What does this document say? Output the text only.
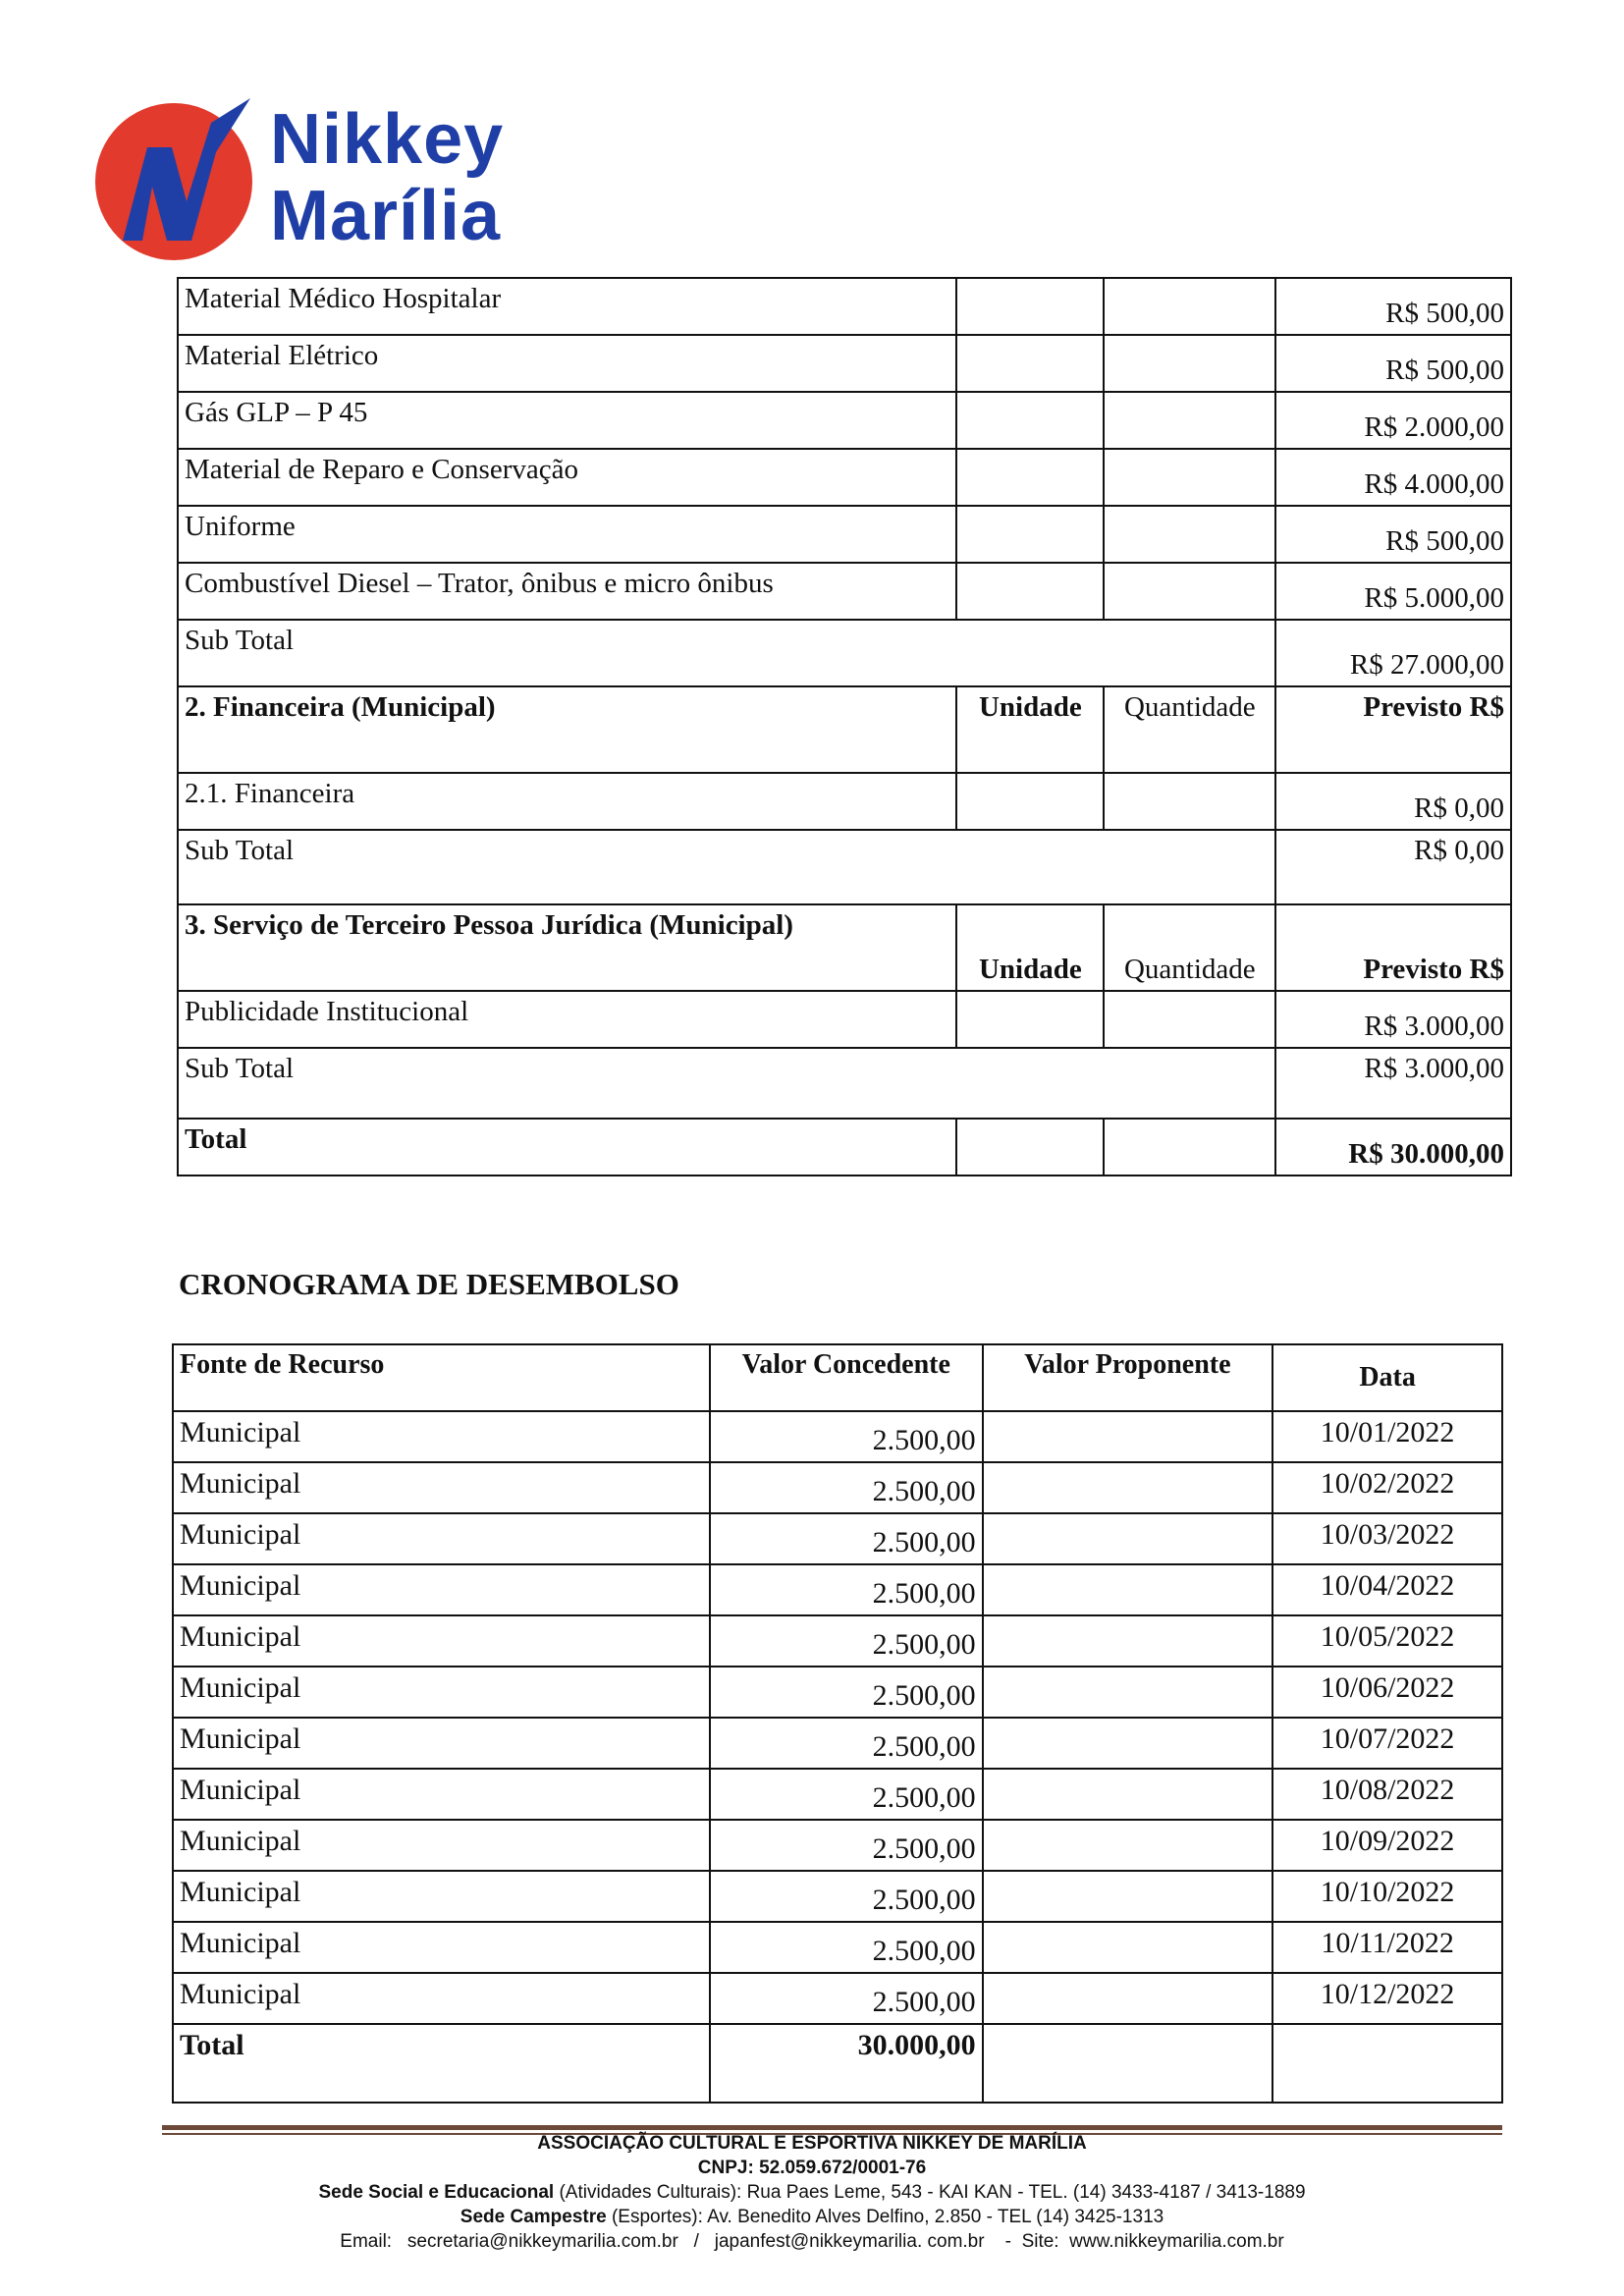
Nikkey
Marília
Material Médico Hospitalar			R$ 500,00
Material Elétrico			R$ 500,00
Gás GLP – P 45			R$ 2.000,00
Material de Reparo e Conservação			R$ 4.000,00
Uniforme			R$ 500,00
Combustível Diesel – Trator, ônibus e micro ônibus			R$ 5.000,00
Sub Total			R$ 27.000,00
2. Financeira (Municipal)	Unidade	Quantidade	Previsto R$
2.1. Financeira			R$ 0,00
Sub Total			R$ 0,00
3. Serviço de Terceiro Pessoa Jurídica (Municipal)	Unidade	Quantidade	Previsto R$
Publicidade Institucional			R$ 3.000,00
Sub Total			R$ 3.000,00
Total			R$ 30.000,00
CRONOGRAMA DE DESEMBOLSO
Fonte de Recurso	Valor Concedente	Valor Proponente	Data
Municipal	2.500,00		10/01/2022
Municipal	2.500,00		10/02/2022
Municipal	2.500,00		10/03/2022
Municipal	2.500,00		10/04/2022
Municipal	2.500,00		10/05/2022
Municipal	2.500,00		10/06/2022
Municipal	2.500,00		10/07/2022
Municipal	2.500,00		10/08/2022
Municipal	2.500,00		10/09/2022
Municipal	2.500,00		10/10/2022
Municipal	2.500,00		10/11/2022
Municipal	2.500,00		10/12/2022
Total	30.000,00		
ASSOCIAÇÃO CULTURAL E ESPORTIVA NIKKEY DE MARÍLIA
CNPJ: 52.059.672/0001-76
Sede Social e Educacional (Atividades Culturais): Rua Paes Leme, 543 - KAI KAN - TEL. (14) 3433-4187 / 3413-1889
Sede Campestre (Esportes): Av. Benedito Alves Delfino, 2.850 - TEL (14) 3425-1313
Email:   secretaria@nikkeymarilia.com.br   /   japanfest@nikkeymarilia. com.br    -  Site:  www.nikkeymarilia.com.br
